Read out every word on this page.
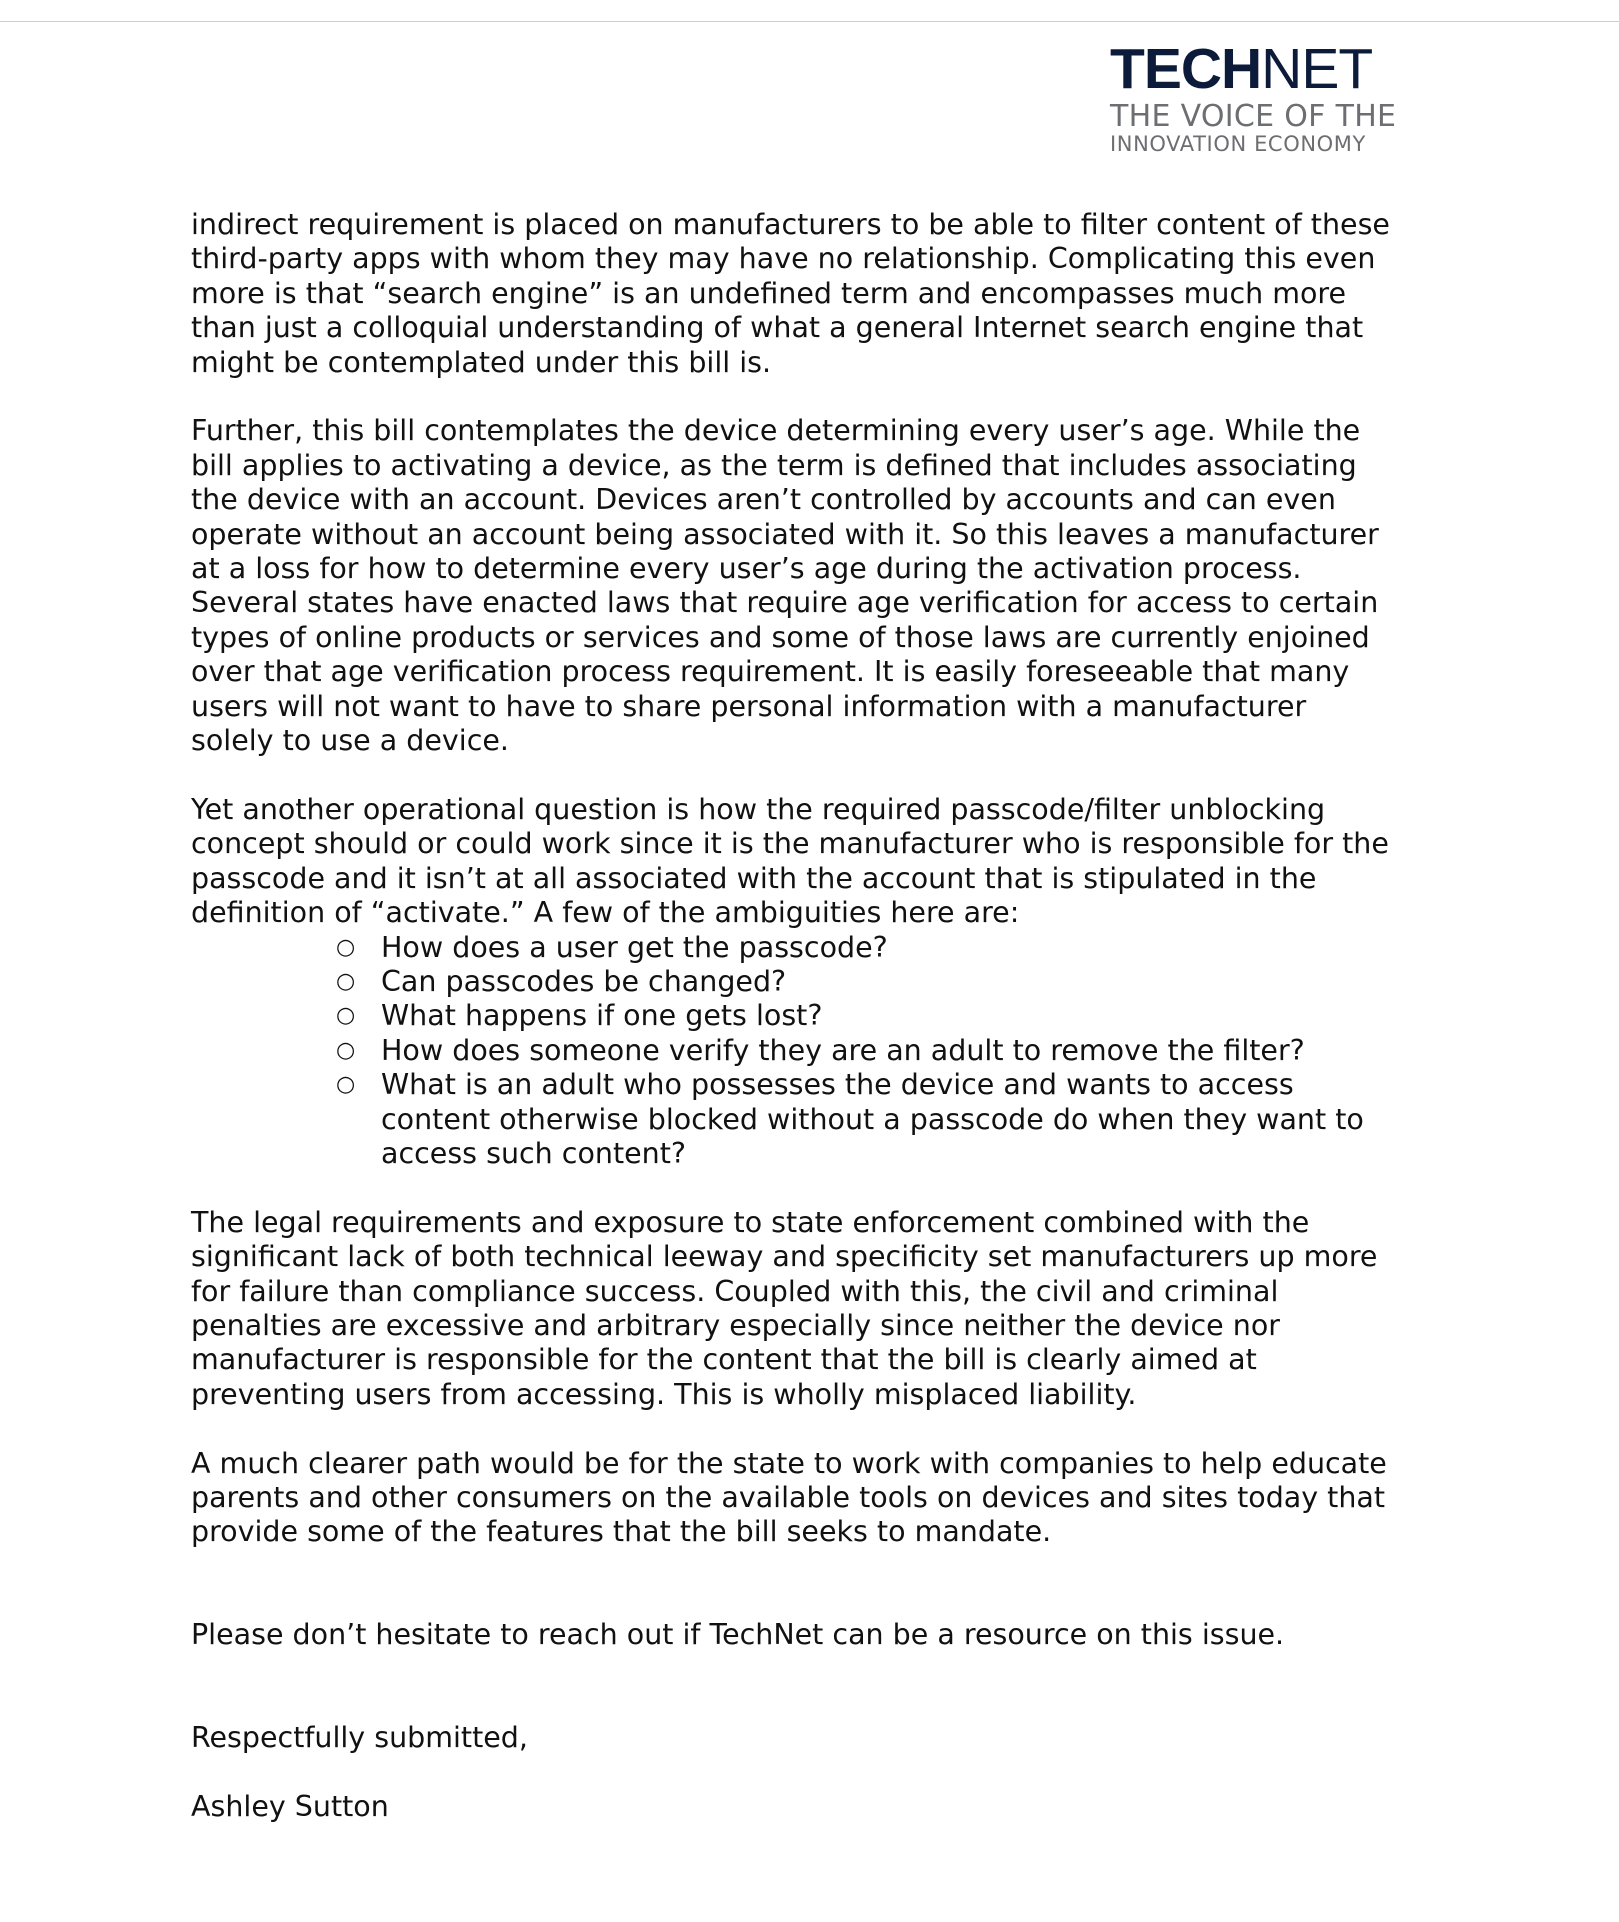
TECHNET
THE VOICE OF THE
INNOVATION ECONOMY

indirect requirement is placed on manufacturers to be able to filter content of these
third-party apps with whom they may have no relationship. Complicating this even
more is that “search engine” is an undefined term and encompasses much more
than just a colloquial understanding of what a general Internet search engine that
might be contemplated under this bill is.

Further, this bill contemplates the device determining every user’s age. While the
bill applies to activating a device, as the term is defined that includes associating
the device with an account. Devices aren’t controlled by accounts and can even
operate without an account being associated with it. So this leaves a manufacturer
at a loss for how to determine every user’s age during the activation process.
Several states have enacted laws that require age verification for access to certain
types of online products or services and some of those laws are currently enjoined
over that age verification process requirement. It is easily foreseeable that many
users will not want to have to share personal information with a manufacturer
solely to use a device.

Yet another operational question is how the required passcode/filter unblocking
concept should or could work since it is the manufacturer who is responsible for the
passcode and it isn’t at all associated with the account that is stipulated in the
definition of “activate.” A few of the ambiguities here are:

○ How does a user get the passcode?
○ Can passcodes be changed?
○ What happens if one gets lost?
○ How does someone verify they are an adult to remove the filter?
○ What is an adult who possesses the device and wants to access
content otherwise blocked without a passcode do when they want to
access such content?

The legal requirements and exposure to state enforcement combined with the
significant lack of both technical leeway and specificity set manufacturers up more
for failure than compliance success. Coupled with this, the civil and criminal
penalties are excessive and arbitrary especially since neither the device nor
manufacturer is responsible for the content that the bill is clearly aimed at
preventing users from accessing. This is wholly misplaced liability.

A much clearer path would be for the state to work with companies to help educate
parents and other consumers on the available tools on devices and sites today that
provide some of the features that the bill seeks to mandate.

Please don’t hesitate to reach out if TechNet can be a resource on this issue.

Respectfully submitted,

Ashley Sutton
